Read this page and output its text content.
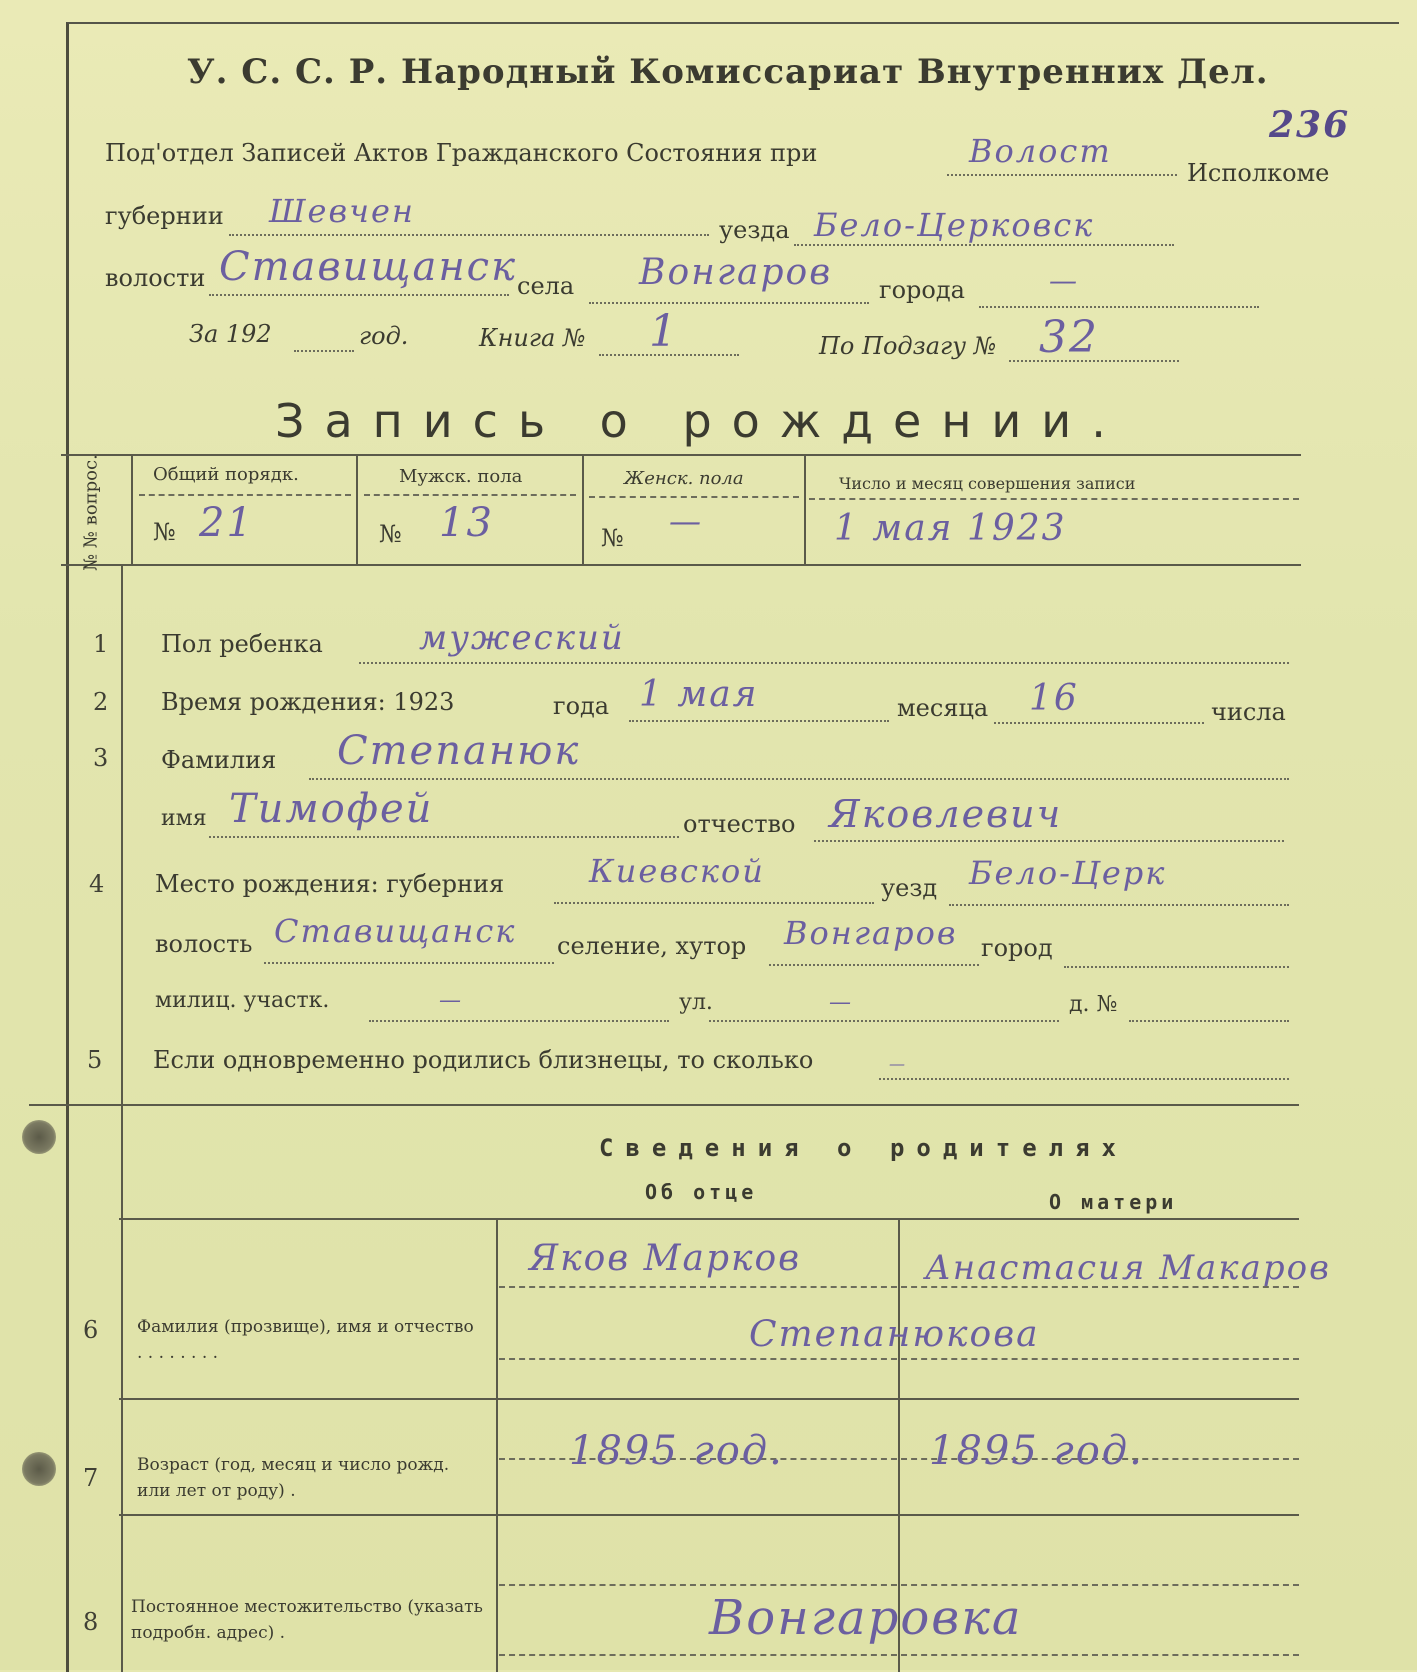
У. С. С. Р. Народный Комиссариат Внутренних Дел.
236
Под'отдел Записей Актов Гражданского Состояния при	Волост
Исполкоме
губернии Шевчен	уезда Бело-Церковск
волости Ставищанск села Вонгаров города	—
За 192	год.	Книга № 1	По Подзагу № 32
Запись о рождении.
№ № вопрос.	Общий порядк.
№ 21
Мужск. пола
№ 13
Женск. пола
№ —
Число и месяц совершения записи
1 мая 1923
1 Пол ребенка	мужеский
2 Время рождения: 1923	года 1 мая	месяца 16	числа
3 Фамилия Степанюк
имя Тимофей	отчество Яковлевич
4 Место рождения: губерния	Киевской	уезд Бело-Церк
волость Ставищанск селение, хутор Вонгаров город
милиц. участк.	—	ул.	—	д. №
5 Если одновременно родились близнецы, то сколько	—
Сведения о родителях
Об отце	О матери
6 Фамилия (прозвище), имя и отчество . . . . . . . .
Яков Марков	Анастасия Макаров
Степанюкова
7 Возраст (год, месяц и число рожд. или лет от роду) .
1895 год.	1895 год.
8
Постоянное местожительство (указать подробн. адрес) .	Вонгаровка
